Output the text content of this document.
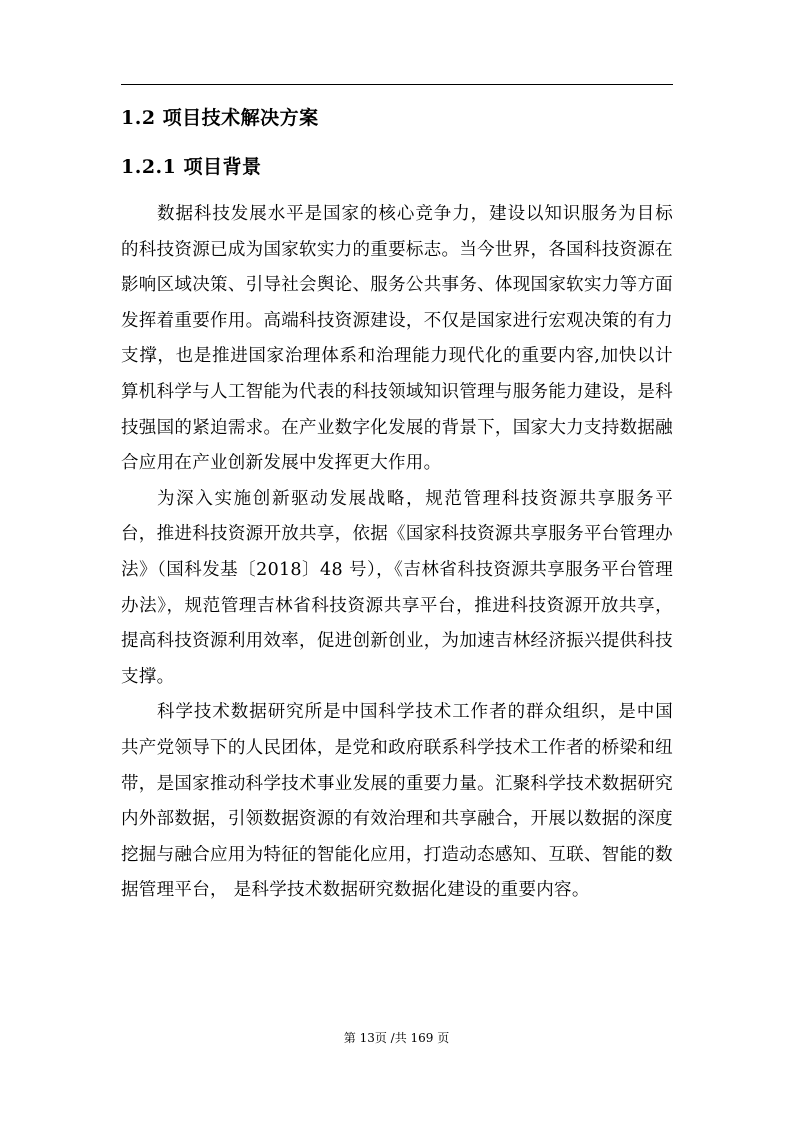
1.2 项目技术解决方案
1.2.1 项目背景

数据科技发展水平是国家的核心竞争力，建设以知识服务为目标的科技资源已成为国家软实力的重要标志。当今世界，各国科技资源在影响区域决策、引导社会舆论、服务公共事务、体现国家软实力等方面发挥着重要作用。高端科技资源建设，不仅是国家进行宏观决策的有力支撑，也是推进国家治理体系和治理能力现代化的重要内容,加快以计算机科学与人工智能为代表的科技领域知识管理与服务能力建设，是科技强国的紧迫需求。在产业数字化发展的背景下，国家大力支持数据融合应用在产业创新发展中发挥更大作用。

为深入实施创新驱动发展战略，规范管理科技资源共享服务平台，推进科技资源开放共享，依据《国家科技资源共享服务平台管理办法》（国科发基〔2018〕48 号），《吉林省科技资源共享服务平台管理办法》，规范管理吉林省科技资源共享平台，推进科技资源开放共享，提高科技资源利用效率，促进创新创业，为加速吉林经济振兴提供科技支撑。

科学技术数据研究所是中国科学技术工作者的群众组织，是中国共产党领导下的人民团体，是党和政府联系科学技术工作者的桥梁和纽带，是国家推动科学技术事业发展的重要力量。汇聚科学技术数据研究内外部数据，引领数据资源的有效治理和共享融合，开展以数据的深度挖掘与融合应用为特征的智能化应用，打造动态感知、互联、智能的数据管理平台， 是科学技术数据研究数据化建设的重要内容。

第 13页 /共 169 页
